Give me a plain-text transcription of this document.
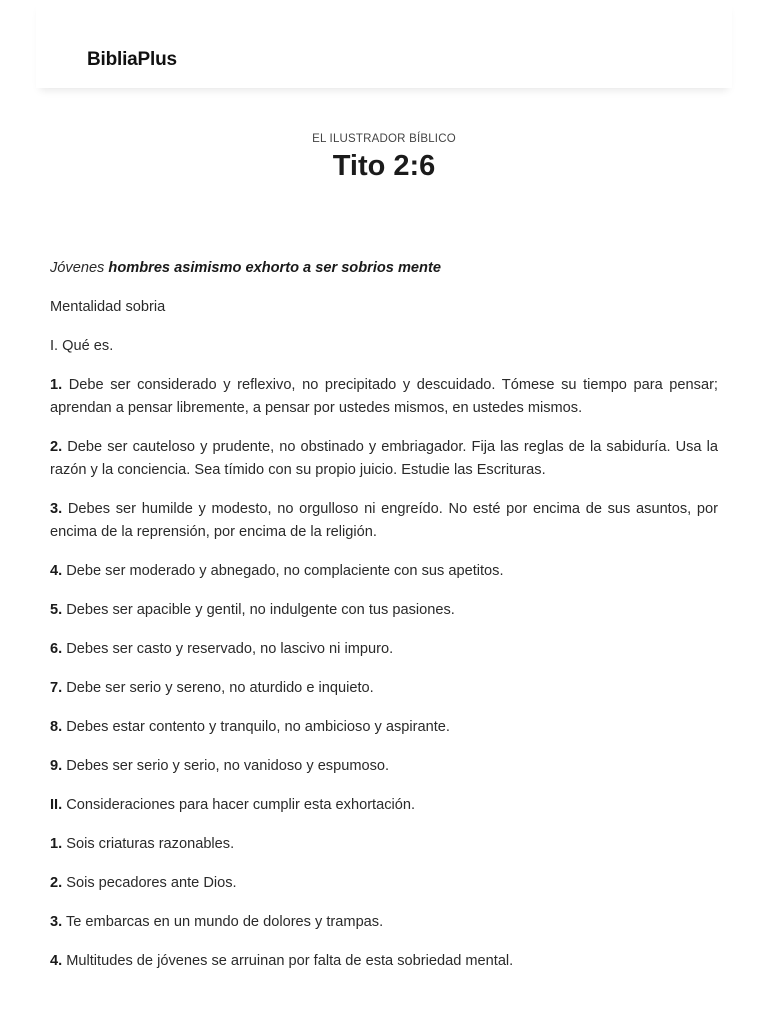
BibliaPlus
EL ILUSTRADOR BÍBLICO
Tito 2:6

Jóvenes hombres asimismo exhorto a ser sobrios mente

Mentalidad sobria

I. Qué es.

1. Debe ser considerado y reflexivo, no precipitado y descuidado. Tómese su tiempo para pensar; aprendan a pensar libremente, a pensar por ustedes mismos, en ustedes mismos.

2. Debe ser cauteloso y prudente, no obstinado y embriagador. Fija las reglas de la sabiduría. Usa la razón y la conciencia. Sea tímido con su propio juicio. Estudie las Escrituras.

3. Debes ser humilde y modesto, no orgulloso ni engreído. No esté por encima de sus asuntos, por encima de la reprensión, por encima de la religión.

4. Debe ser moderado y abnegado, no complaciente con sus apetitos.

5. Debes ser apacible y gentil, no indulgente con tus pasiones.

6. Debes ser casto y reservado, no lascivo ni impuro.

7. Debe ser serio y sereno, no aturdido e inquieto.

8. Debes estar contento y tranquilo, no ambicioso y aspirante.

9. Debes ser serio y serio, no vanidoso y espumoso.

II. Consideraciones para hacer cumplir esta exhortación.

1. Sois criaturas razonables.

2. Sois pecadores ante Dios.

3. Te embarcas en un mundo de dolores y trampas.

4. Multitudes de jóvenes se arruinan por falta de esta sobriedad mental.
